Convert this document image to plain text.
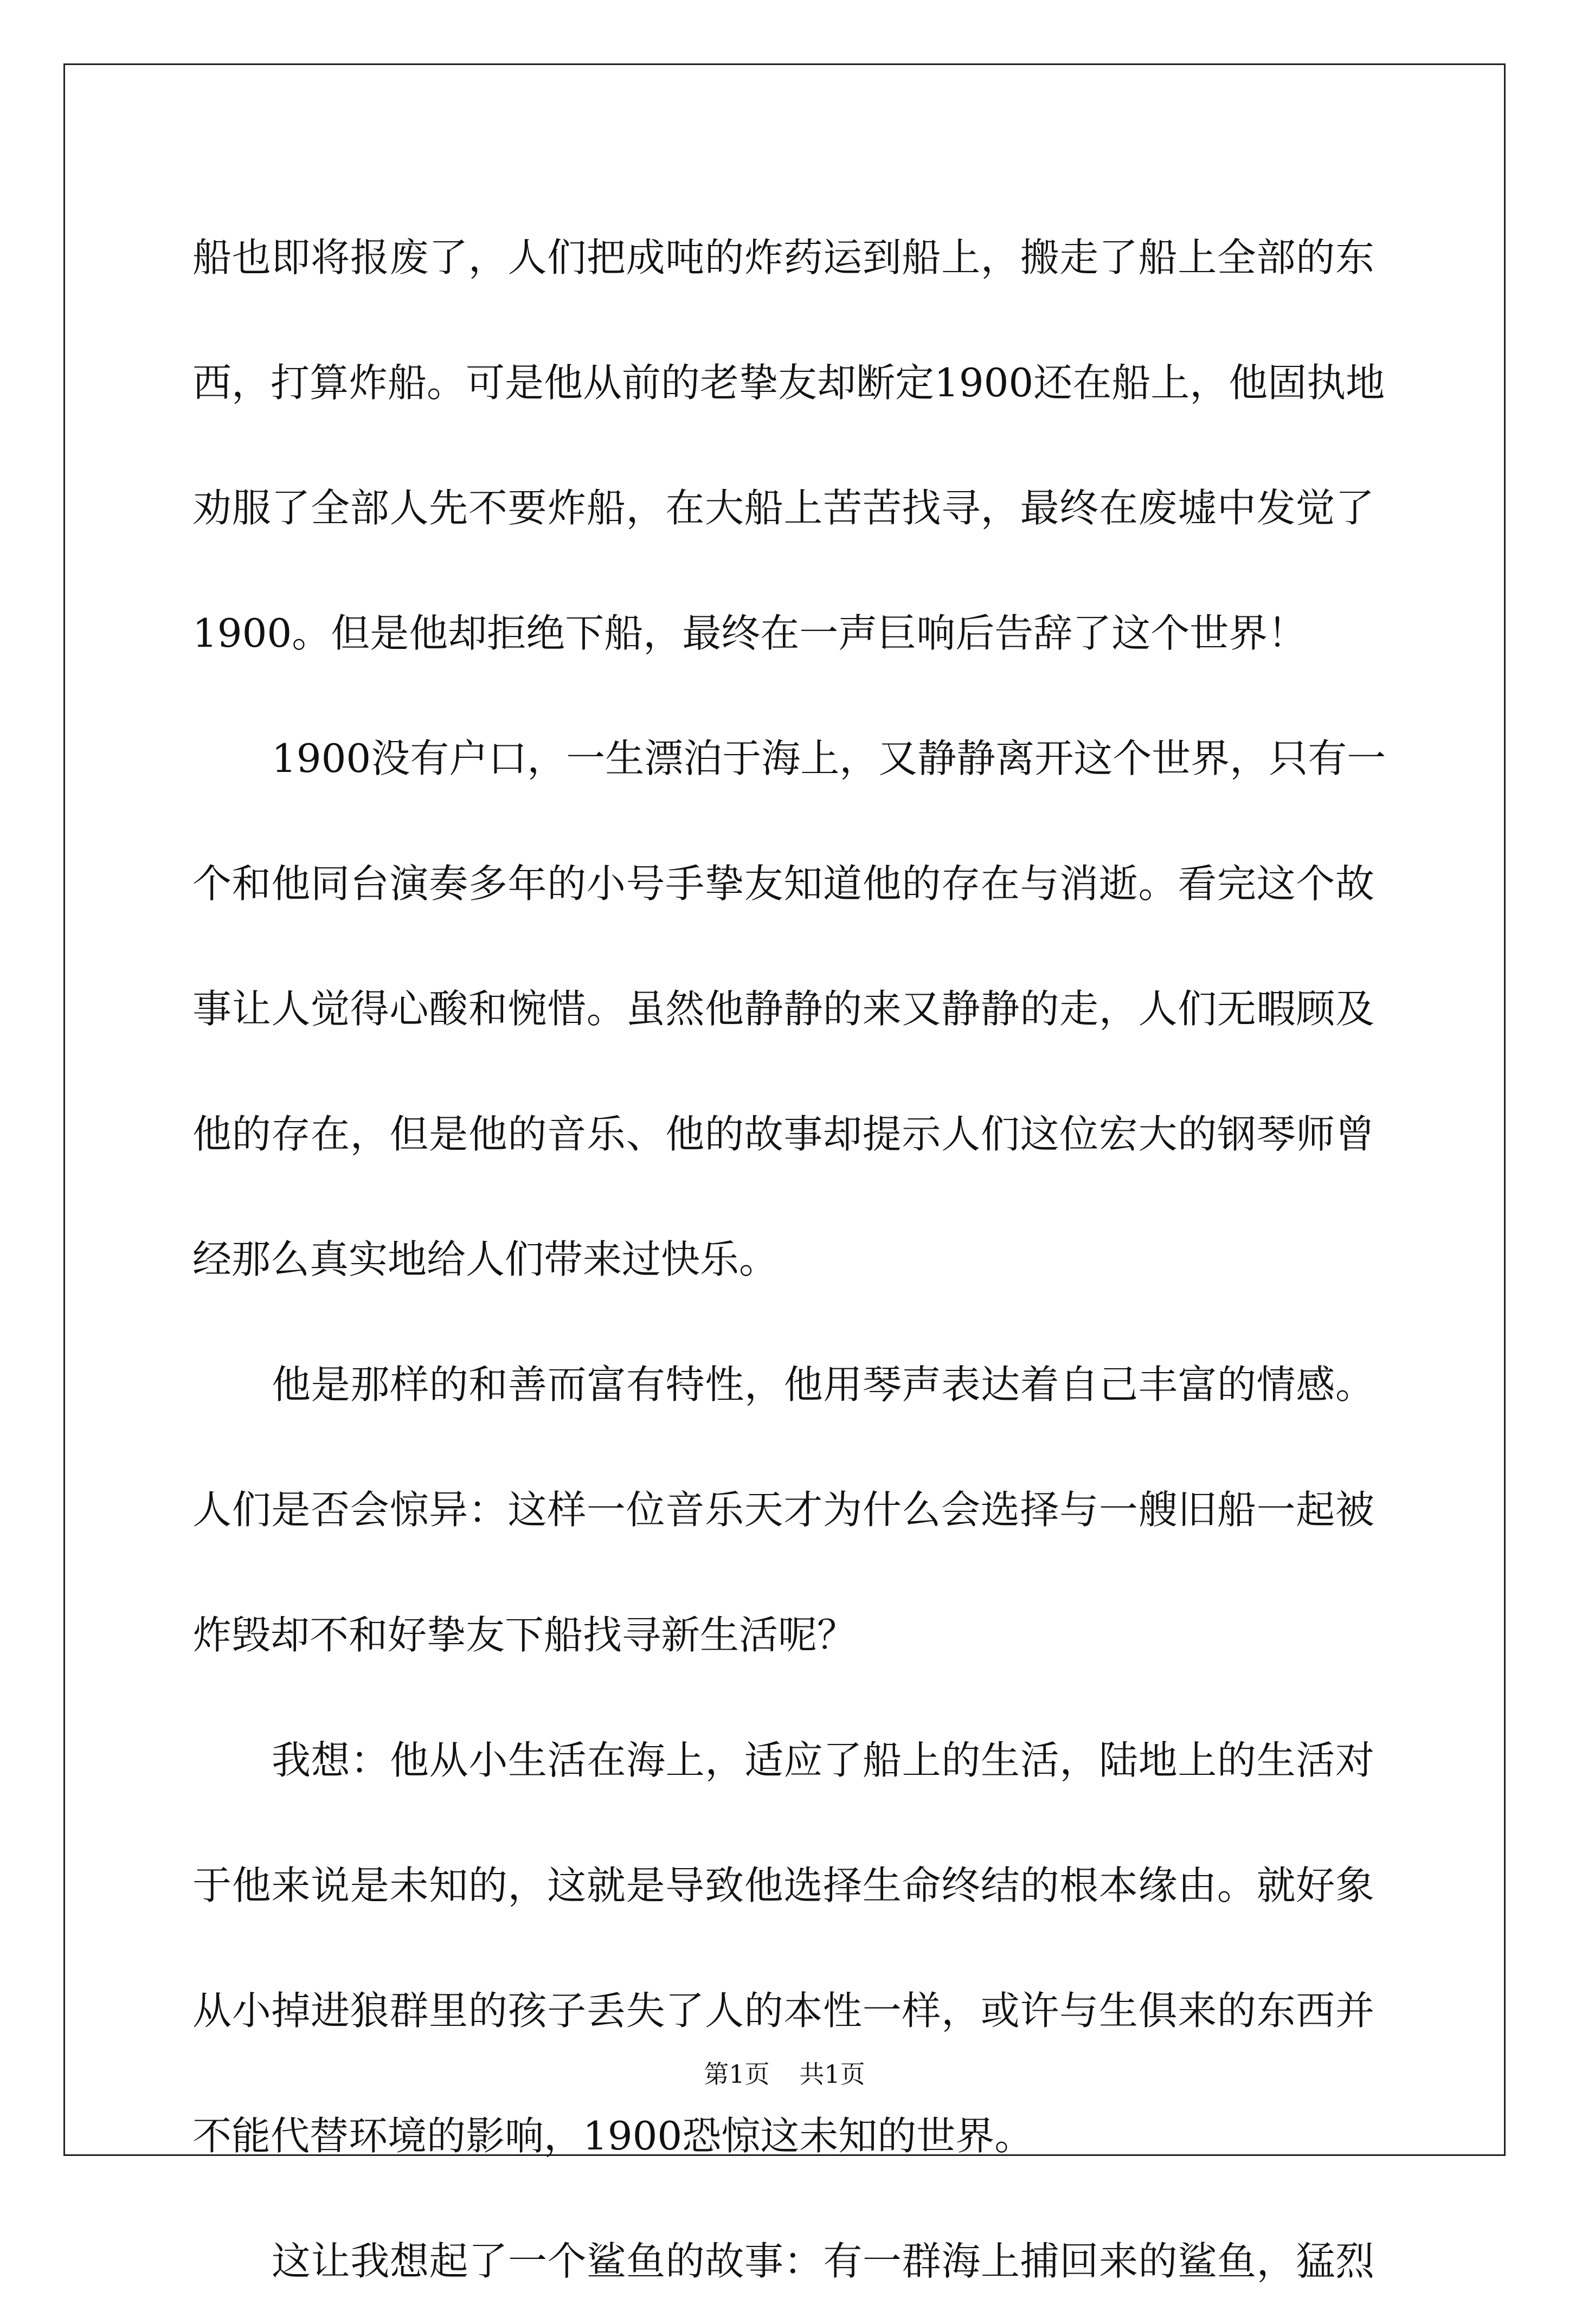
船也即将报废了，人们把成吨的炸药运到船上，搬走了船上全部的东
西，打算炸船。可是他从前的老挚友却断定1900还在船上，他固执地
劝服了全部人先不要炸船，在大船上苦苦找寻，最终在废墟中发觉了
1900。但是他却拒绝下船，最终在一声巨响后告辞了这个世界！
1900没有户口，一生漂泊于海上，又静静离开这个世界，只有一
个和他同台演奏多年的小号手挚友知道他的存在与消逝。看完这个故
事让人觉得心酸和惋惜。虽然他静静的来又静静的走，人们无暇顾及
他的存在，但是他的音乐、他的故事却提示人们这位宏大的钢琴师曾
经那么真实地给人们带来过快乐。
他是那样的和善而富有特性，他用琴声表达着自己丰富的情感。
人们是否会惊异：这样一位音乐天才为什么会选择与一艘旧船一起被
炸毁却不和好挚友下船找寻新生活呢？
我想：他从小生活在海上，适应了船上的生活，陆地上的生活对
于他来说是未知的，这就是导致他选择生命终结的根本缘由。就好象
从小掉进狼群里的孩子丢失了人的本性一样，或许与生俱来的东西并
不能代替环境的影响，1900恐惊这未知的世界。
这让我想起了一个鲨鱼的故事：有一群海上捕回来的鲨鱼，猛烈
第1页 共1页
